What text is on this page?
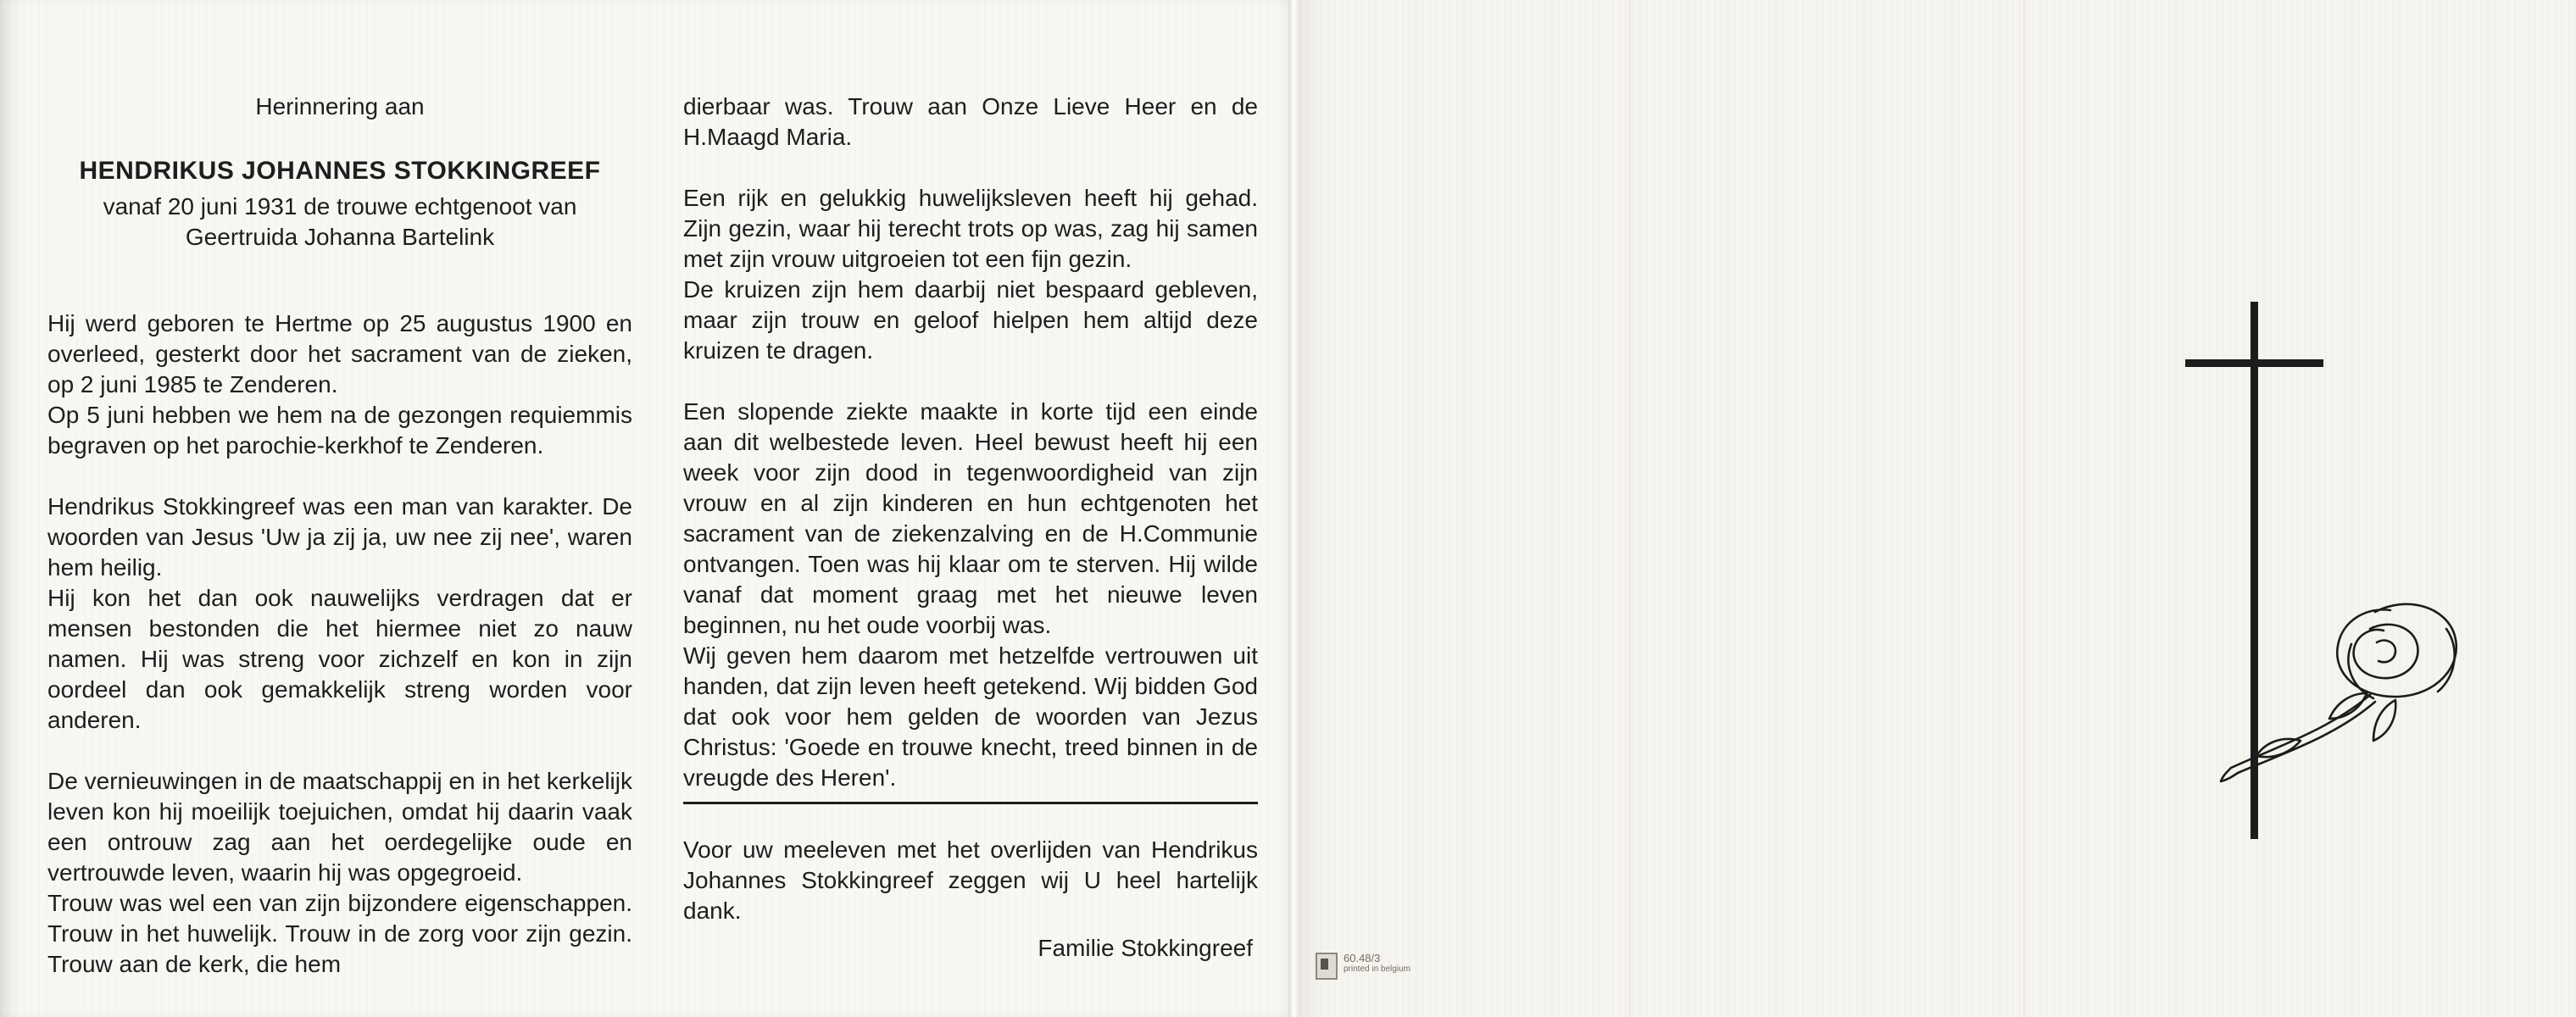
Herinnering aan

HENDRIKUS JOHANNES STOKKINGREEF

vanaf 20 juni 1931 de trouwe echtgenoot van

Geertruida Johanna Bartelink

Hij werd geboren te Hertme op 25 augustus 1900 en overleed, gesterkt door het sacrament van de zieken, op 2 juni 1985 te Zenderen.

Op 5 juni hebben we hem na de gezongen requiemmis begraven op het parochie-kerkhof te Zenderen.

Hendrikus Stokkingreef was een man van karakter. De woorden van Jesus 'Uw ja zij ja, uw nee zij nee', waren hem heilig.

Hij kon het dan ook nauwelijks verdragen dat er mensen bestonden die het hiermee niet zo nauw namen. Hij was streng voor zichzelf en kon in zijn oordeel dan ook gemakkelijk streng worden voor anderen.

De vernieuwingen in de maatschappij en in het kerkelijk leven kon hij moeilijk toejuichen, omdat hij daarin vaak een ontrouw zag aan het oerdegelijke oude en vertrouwde leven, waarin hij was opgegroeid.

Trouw was wel een van zijn bijzondere eigenschappen. Trouw in het huwelijk. Trouw in de zorg voor zijn gezin. Trouw aan de kerk, die hem

dierbaar was. Trouw aan Onze Lieve Heer en de H.Maagd Maria.

Een rijk en gelukkig huwelijksleven heeft hij gehad. Zijn gezin, waar hij terecht trots op was, zag hij samen met zijn vrouw uitgroeien tot een fijn gezin.

De kruizen zijn hem daarbij niet bespaard gebleven, maar zijn trouw en geloof hielpen hem altijd deze kruizen te dragen.

Een slopende ziekte maakte in korte tijd een einde aan dit welbestede leven. Heel bewust heeft hij een week voor zijn dood in tegenwoordigheid van zijn vrouw en al zijn kinderen en hun echtgenoten het sacrament van de ziekenzalving en de H.Communie ontvangen. Toen was hij klaar om te sterven. Hij wilde vanaf dat moment graag met het nieuwe leven beginnen, nu het oude voorbij was.

Wij geven hem daarom met hetzelfde vertrouwen uit handen, dat zijn leven heeft getekend. Wij bidden God dat ook voor hem gelden de woorden van Jezus Christus: 'Goede en trouwe knecht, treed binnen in de vreugde des Heren'.

Voor uw meeleven met het overlijden van Hendrikus Johannes Stokkingreef zeggen wij U heel hartelijk dank.

Familie Stokkingreef	60.48/3
printed in belgium
